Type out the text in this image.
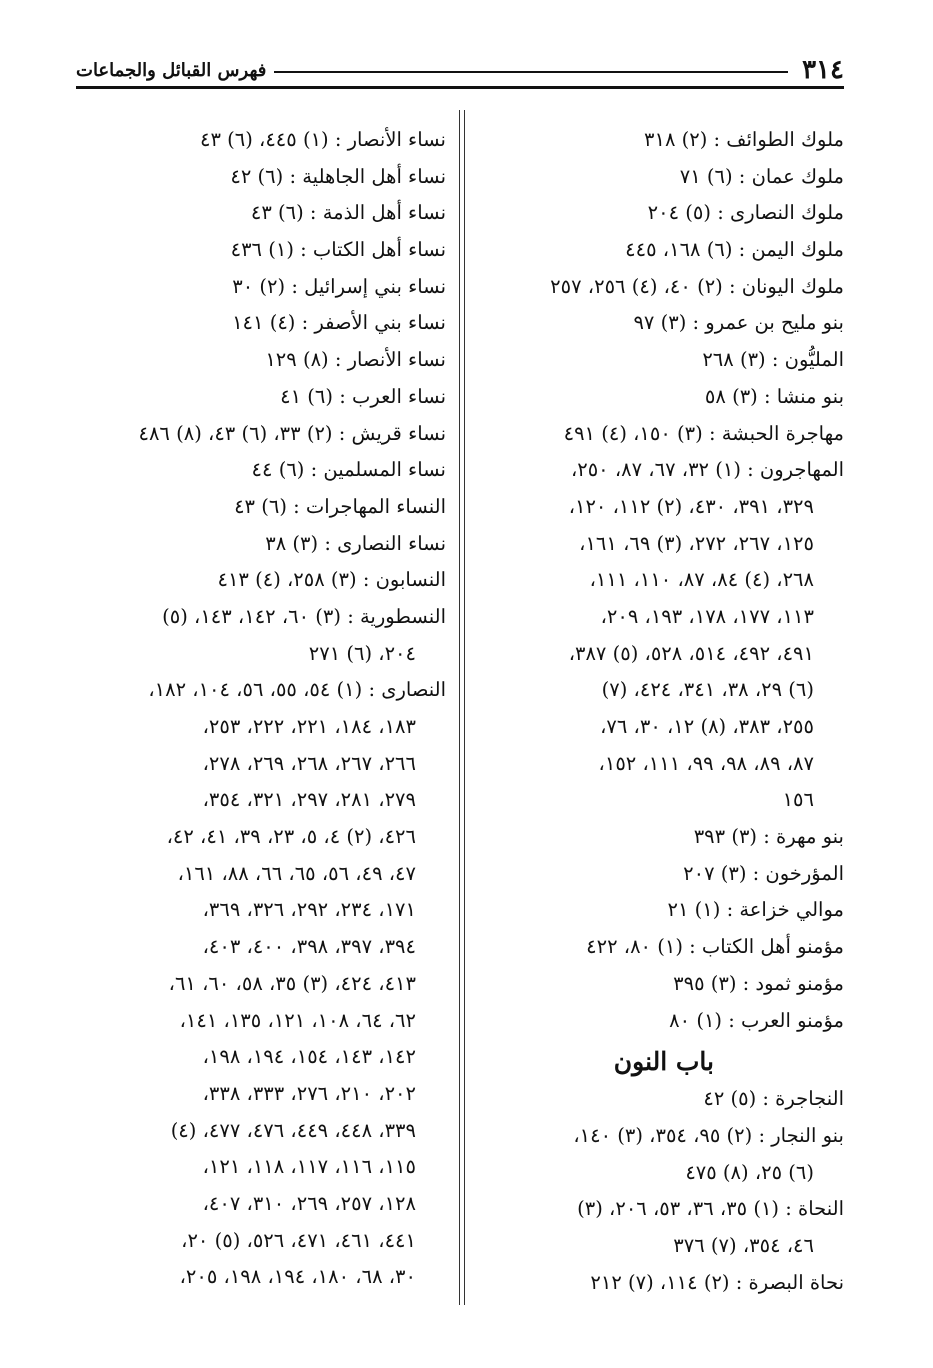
٣١٤
فهرس القبائل والجماعات
ملوك الطوائف : (٢) ٣١٨
ملوك عمان : (٦) ٧١
ملوك النصارى : (٥) ٢٠٤
ملوك اليمن : (٦) ١٦٨، ٤٤٥
ملوك اليونان : (٢) ٤٠، (٤) ٢٥٦، ٢٥٧
بنو مليح بن عمرو : (٣) ٩٧
المليُّون : (٣) ٢٦٨
بنو منشا : (٣) ٥٨
مهاجرة الحبشة : (٣) ١٥٠، (٤) ٤٩١
المهاجرون : (١) ٣٢، ٦٧، ٨٧، ٢٥٠،
٣٢٩، ٣٩١، ٤٣٠، (٢) ١١٢، ١٢٠،
١٢٥، ٢٦٧، ٢٧٢، (٣) ٦٩، ١٦١،
٢٦٨، (٤) ٨٤، ٨٧، ١١٠، ١١١،
١١٣، ١٧٧، ١٧٨، ١٩٣، ٢٠٩،
٤٩١، ٤٩٢، ٥١٤، ٥٢٨، (٥) ٣٨٧،
(٦) ٢٩، ٣٨، ٣٤١، ٤٢٤، (٧)
٢٥٥، ٣٨٣، (٨) ١٢، ٣٠، ٧٦،
٨٧، ٨٩، ٩٨، ٩٩، ١١١، ١٥٢،
١٥٦
بنو مهرة : (٣) ٣٩٣
المؤرخون : (٣) ٢٠٧
موالي خزاعة : (١) ٢١
مؤمنو أهل الكتاب : (١) ٨٠، ٤٢٢
مؤمنو ثمود : (٣) ٣٩٥
مؤمنو العرب : (١) ٨٠
باب النون
النجاجرة : (٥) ٤٢
بنو النجار : (٢) ٩٥، ٣٥٤، (٣) ١٤٠،
(٦) ٢٥، (٨) ٤٧٥
النحاة : (١) ٣٥، ٣٦، ٥٣، ٢٠٦، (٣)
٤٦، ٣٥٤، (٧) ٣٧٦
نحاة البصرة : (٢) ١١٤، (٧) ٢١٢
نساء الأنصار : (١) ٤٤٥، (٦) ٤٣
نساء أهل الجاهلية : (٦) ٤٢
نساء أهل الذمة : (٦) ٤٣
نساء أهل الكتاب : (١) ٤٣٦
نساء بني إسرائيل : (٢) ٣٠
نساء بني الأصفر : (٤) ١٤١
نساء الأنصار : (٨) ١٢٩
نساء العرب : (٦) ٤١
نساء قريش : (٢) ٣٣، (٦) ٤٣، (٨) ٤٨٦
نساء المسلمين : (٦) ٤٤
النساء المهاجرات : (٦) ٤٣
نساء النصارى : (٣) ٣٨
النسابون : (٣) ٢٥٨، (٤) ٤١٣
النسطورية : (٣) ٦٠، ١٤٢، ١٤٣، (٥)
٢٠٤، (٦) ٢٧١
النصارى : (١) ٥٤، ٥٥، ٥٦، ١٠٤، ١٨٢،
١٨٣، ١٨٤، ٢٢١، ٢٢٢، ٢٥٣،
٢٦٦، ٢٦٧، ٢٦٨، ٢٦٩، ٢٧٨،
٢٧٩، ٢٨١، ٢٩٧، ٣٢١، ٣٥٤،
٤٢٦، (٢) ٤، ٥، ٢٣، ٣٩، ٤١، ٤٢،
٤٧، ٤٩، ٥٦، ٦٥، ٦٦، ٨٨، ١٦١،
١٧١، ٢٣٤، ٢٩٢، ٣٢٦، ٣٦٩،
٣٩٤، ٣٩٧، ٣٩٨، ٤٠٠، ٤٠٣،
٤١٣، ٤٢٤، (٣) ٣٥، ٥٨، ٦٠، ٦١،
٦٢، ٦٤، ١٠٨، ١٢١، ١٣٥، ١٤١،
١٤٢، ١٤٣، ١٥٤، ١٩٤، ١٩٨،
٢٠٢، ٢١٠، ٢٧٦، ٣٣٣، ٣٣٨،
٣٣٩، ٤٤٨، ٤٤٩، ٤٧٦، ٤٧٧، (٤)
١١٥، ١١٦، ١١٧، ١١٨، ١٢١،
١٢٨، ٢٥٧، ٢٦٩، ٣١٠، ٤٠٧،
٤٤١، ٤٦١، ٤٧١، ٥٢٦، (٥) ٢٠،
٣٠، ٦٨، ١٨٠، ١٩٤، ١٩٨، ٢٠٥،
